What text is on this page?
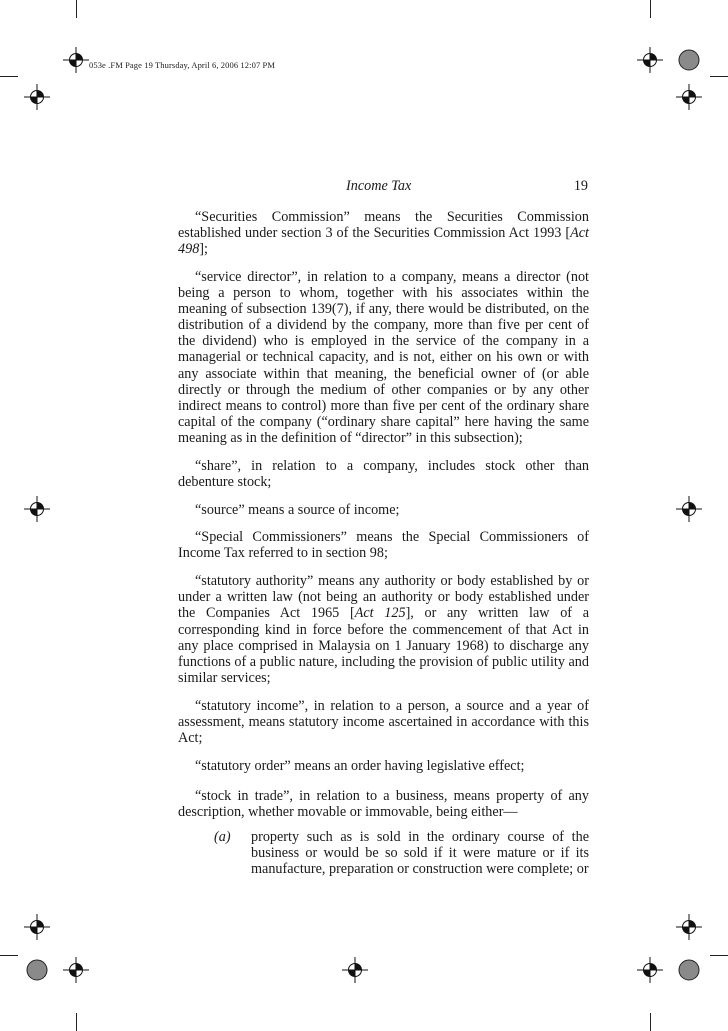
053e .FM Page 19 Thursday, April 6, 2006 12:07 PM
Income Tax	19

“Securities Commission” means the Securities Commission established under section 3 of the Securities Commission Act 1993 [Act 498];

“service director”, in relation to a company, means a director (not being a person to whom, together with his associates within the meaning of subsection 139(7), if any, there would be distributed, on the distribution of a dividend by the company, more than five per cent of the dividend) who is employed in the service of the company in a managerial or technical capacity, and is not, either on his own or with any associate within that meaning, the beneficial owner of (or able directly or through the medium of other companies or by any other indirect means to control) more than five per cent of the ordinary share capital of the company (“ordinary share capital” here having the same meaning as in the definition of “director” in this subsection);

“share”, in relation to a company, includes stock other than debenture stock;

“source” means a source of income;

“Special Commissioners” means the Special Commissioners of Income Tax referred to in section 98;

“statutory authority” means any authority or body established by or under a written law (not being an authority or body established under the Companies Act 1965 [Act 125], or any written law of a corresponding kind in force before the commencement of that Act in any place comprised in Malaysia on 1 January 1968) to discharge any functions of a public nature, including the provision of public utility and similar services;

“statutory income”, in relation to a person, a source and a year of assessment, means statutory income ascertained in accordance with this Act;

“statutory order” means an order having legislative effect;

“stock in trade”, in relation to a business, means property of any description, whether movable or immovable, being either—

(a) property such as is sold in the ordinary course of the business or would be so sold if it were mature or if its manufacture, preparation or construction were complete; or
